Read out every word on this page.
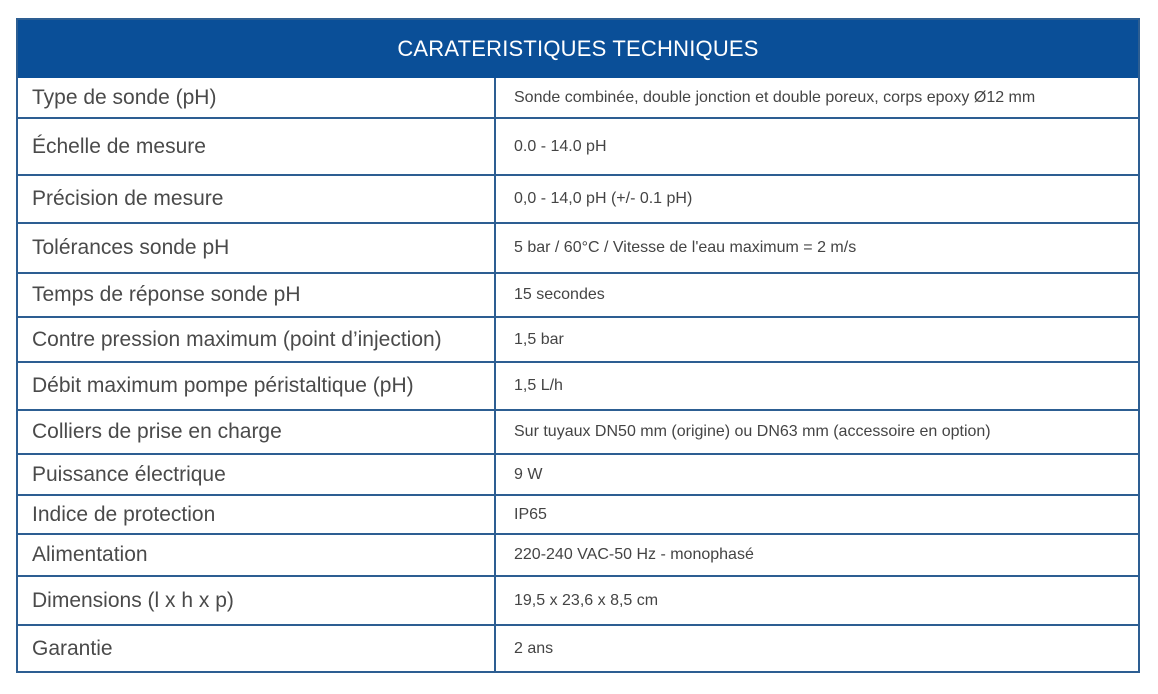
CARATERISTIQUES TECHNIQUES
Type de sonde (pH)	Sonde combinée, double jonction et double poreux, corps epoxy Ø12 mm
Échelle de mesure	0.0 - 14.0 pH
Précision de mesure	0,0 - 14,0 pH (+/- 0.1 pH)
Tolérances sonde pH	5 bar / 60°C / Vitesse de l'eau maximum = 2 m/s
Temps de réponse sonde pH	15 secondes
Contre pression maximum (point d’injection)	1,5 bar
Débit maximum pompe péristaltique (pH)	1,5 L/h
Colliers de prise en charge	Sur tuyaux DN50 mm (origine) ou DN63 mm (accessoire en option)
Puissance électrique	9 W
Indice de protection	IP65
Alimentation	220-240 VAC-50 Hz - monophasé
Dimensions (l x h x p)	19,5 x 23,6 x 8,5 cm
Garantie	2 ans
